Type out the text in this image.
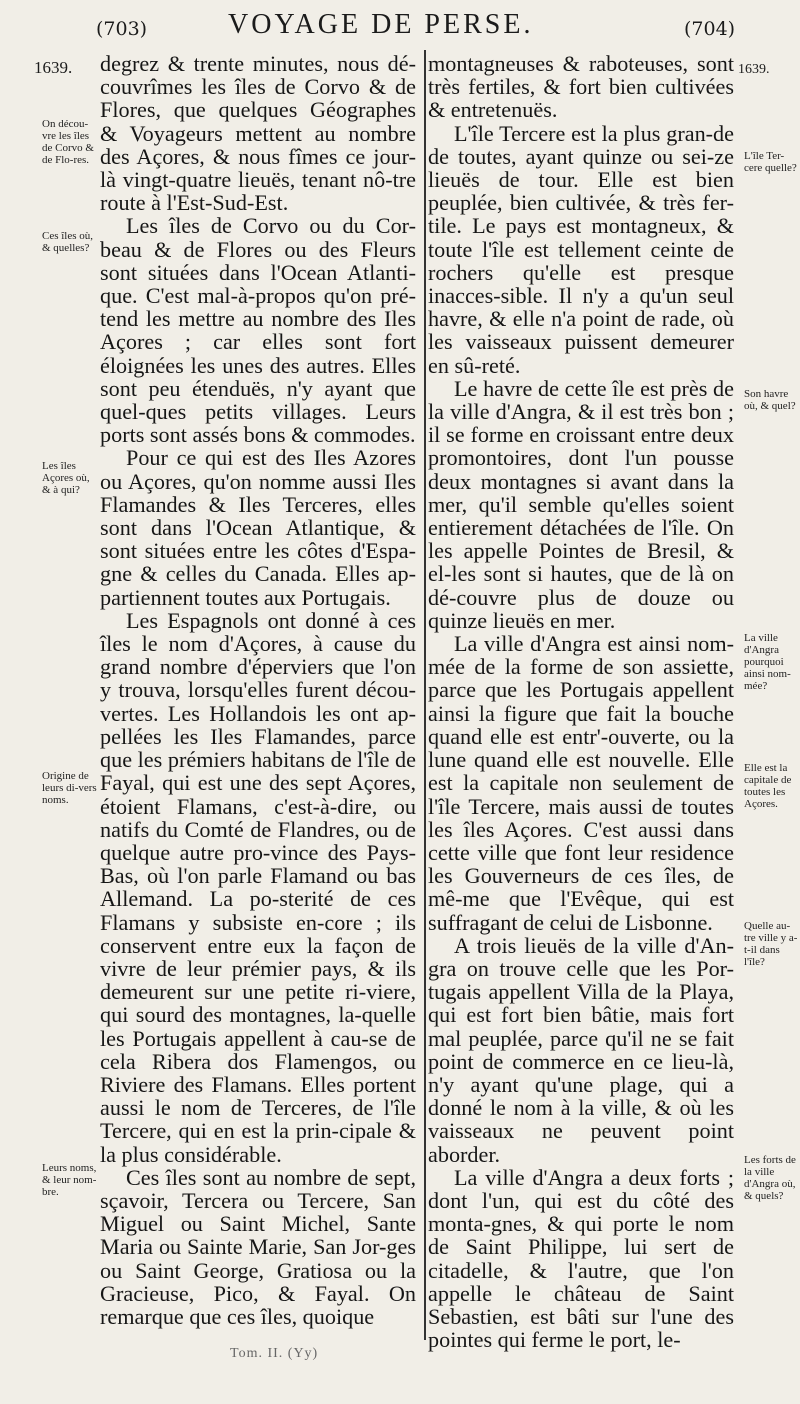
(703)	VOYAGE DE PERSE.	(704)
1639.	1639.
On décou-vre les îles de Corvo & de Flo-res.
Ces îles où, & quelles?
Les îles Açores où, & à qui?
Origine de leurs di-vers noms.
Leurs noms, & leur nom-bre.
L'île Ter-cere quelle?
Son havre où, & quel?
La ville d'Angra pourquoi ainsi nom-mée?
Elle est la capitale de toutes les Açores.
Quelle au-tre ville y a-t-il dans l'île?
Les forts de la ville d'Angra où, & quels?

degrez & trente minutes, nous dé-couvrîmes les îles de Corvo & de Flores, que quelques Géographes & Voyageurs mettent au nombre des Açores, & nous fîmes ce jour-là vingt-quatre lieuës, tenant nô-tre route à l'Est-Sud-Est.

Les îles de Corvo ou du Cor-beau & de Flores ou des Fleurs sont situées dans l'Ocean Atlanti-que. C'est mal-à-propos qu'on pré-tend les mettre au nombre des Iles Açores ; car elles sont fort éloignées les unes des autres. Elles sont peu étenduës, n'y ayant que quel-ques petits villages. Leurs ports sont assés bons & commodes.

Pour ce qui est des Iles Azores ou Açores, qu'on nomme aussi Iles Flamandes & Iles Terceres, elles sont dans l'Ocean Atlantique, & sont situées entre les côtes d'Espa-gne & celles du Canada. Elles ap-partiennent toutes aux Portugais.

Les Espagnols ont donné à ces îles le nom d'Açores, à cause du grand nombre d'éperviers que l'on y trouva, lorsqu'elles furent décou-vertes. Les Hollandois les ont ap-pellées les Iles Flamandes, parce que les prémiers habitans de l'île de Fayal, qui est une des sept Açores, étoient Flamans, c'est-à-dire, ou natifs du Comté de Flandres, ou de quelque autre pro-vince des Pays-Bas, où l'on parle Flamand ou bas Allemand. La po-sterité de ces Flamans y subsiste en-core ; ils conservent entre eux la façon de vivre de leur prémier pays, & ils demeurent sur une petite ri-viere, qui sourd des montagnes, la-quelle les Portugais appellent à cau-se de cela Ribera dos Flamengos, ou Riviere des Flamans. Elles portent aussi le nom de Terceres, de l'île Tercere, qui en est la prin-cipale & la plus considérable.

Ces îles sont au nombre de sept, sçavoir, Tercera ou Tercere, San Miguel ou Saint Michel, Sante Maria ou Sainte Marie, San Jor-ges ou Saint George, Gratiosa ou la Gracieuse, Pico, & Fayal. On remarque que ces îles, quoique

montagneuses & raboteuses, sont très fertiles, & fort bien cultivées & entretenuës.

L'île Tercere est la plus gran-de de toutes, ayant quinze ou sei-ze lieuës de tour. Elle est bien peuplée, bien cultivée, & très fer-tile. Le pays est montagneux, & toute l'île est tellement ceinte de rochers qu'elle est presque inacces-sible. Il n'y a qu'un seul havre, & elle n'a point de rade, où les vaisseaux puissent demeurer en sû-reté.

Le havre de cette île est près de la ville d'Angra, & il est très bon ; il se forme en croissant entre deux promontoires, dont l'un pousse deux montagnes si avant dans la mer, qu'il semble qu'elles soient entierement détachées de l'île. On les appelle Pointes de Bresil, & el-les sont si hautes, que de là on dé-couvre plus de douze ou quinze lieuës en mer.

La ville d'Angra est ainsi nom-mée de la forme de son assiette, parce que les Portugais appellent ainsi la figure que fait la bouche quand elle est entr'-ouverte, ou la lune quand elle est nouvelle. Elle est la capitale non seulement de l'île Tercere, mais aussi de toutes les îles Açores. C'est aussi dans cette ville que font leur residence les Gouverneurs de ces îles, de mê-me que l'Evêque, qui est suffragant de celui de Lisbonne.

A trois lieuës de la ville d'An-gra on trouve celle que les Por-tugais appellent Villa de la Playa, qui est fort bien bâtie, mais fort mal peuplée, parce qu'il ne se fait point de commerce en ce lieu-là, n'y ayant qu'une plage, qui a donné le nom à la ville, & où les vaisseaux ne peuvent point aborder.

La ville d'Angra a deux forts ; dont l'un, qui est du côté des monta-gnes, & qui porte le nom de Saint Philippe, lui sert de citadelle, & l'autre, que l'on appelle le château de Saint Sebastien, est bâti sur l'une des pointes qui ferme le port, le-

Tom. II. (Yy)
